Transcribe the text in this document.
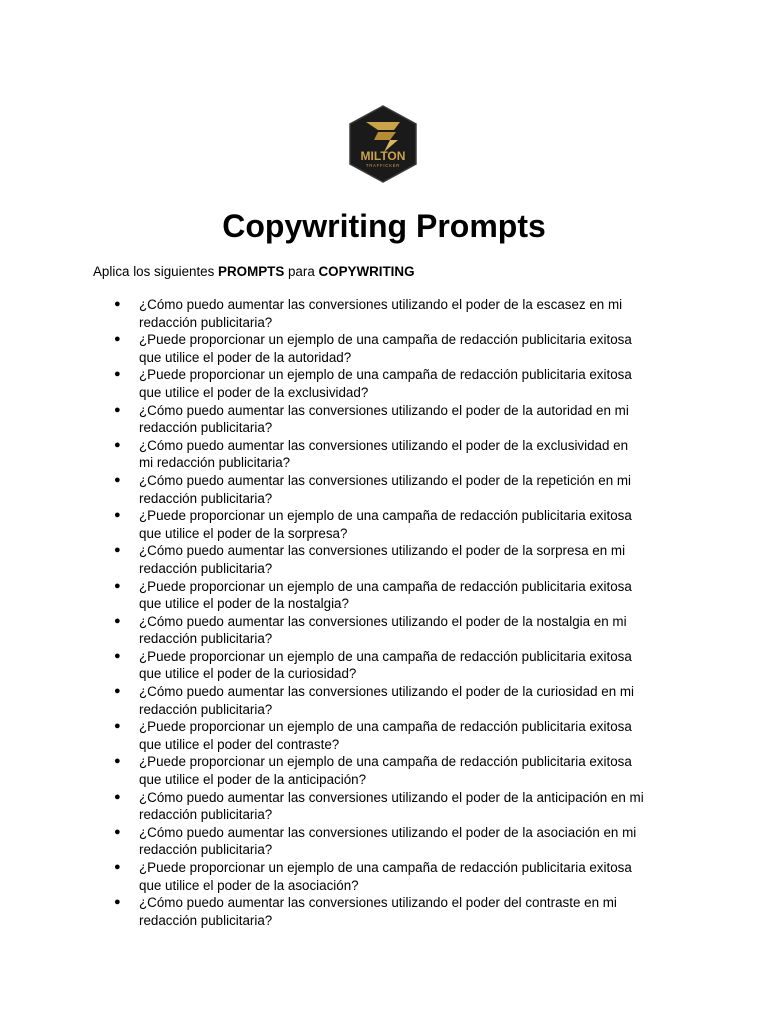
MILTON
TRAFFICKER
Copywriting Prompts

Aplica los siguientes PROMPTS para COPYWRITING

● ¿Cómo puedo aumentar las conversiones utilizando el poder de la escasez en mi
redacción publicitaria?
● ¿Puede proporcionar un ejemplo de una campaña de redacción publicitaria exitosa
que utilice el poder de la autoridad?
● ¿Puede proporcionar un ejemplo de una campaña de redacción publicitaria exitosa
que utilice el poder de la exclusividad?
● ¿Cómo puedo aumentar las conversiones utilizando el poder de la autoridad en mi
redacción publicitaria?
● ¿Cómo puedo aumentar las conversiones utilizando el poder de la exclusividad en
mi redacción publicitaria?
● ¿Cómo puedo aumentar las conversiones utilizando el poder de la repetición en mi
redacción publicitaria?
● ¿Puede proporcionar un ejemplo de una campaña de redacción publicitaria exitosa
que utilice el poder de la sorpresa?
● ¿Cómo puedo aumentar las conversiones utilizando el poder de la sorpresa en mi
redacción publicitaria?
● ¿Puede proporcionar un ejemplo de una campaña de redacción publicitaria exitosa
que utilice el poder de la nostalgia?
● ¿Cómo puedo aumentar las conversiones utilizando el poder de la nostalgia en mi
redacción publicitaria?
● ¿Puede proporcionar un ejemplo de una campaña de redacción publicitaria exitosa
que utilice el poder de la curiosidad?
● ¿Cómo puedo aumentar las conversiones utilizando el poder de la curiosidad en mi
redacción publicitaria?
● ¿Puede proporcionar un ejemplo de una campaña de redacción publicitaria exitosa
que utilice el poder del contraste?
● ¿Puede proporcionar un ejemplo de una campaña de redacción publicitaria exitosa
que utilice el poder de la anticipación?
● ¿Cómo puedo aumentar las conversiones utilizando el poder de la anticipación en mi
redacción publicitaria?
● ¿Cómo puedo aumentar las conversiones utilizando el poder de la asociación en mi
redacción publicitaria?
● ¿Puede proporcionar un ejemplo de una campaña de redacción publicitaria exitosa
que utilice el poder de la asociación?
● ¿Cómo puedo aumentar las conversiones utilizando el poder del contraste en mi
redacción publicitaria?
